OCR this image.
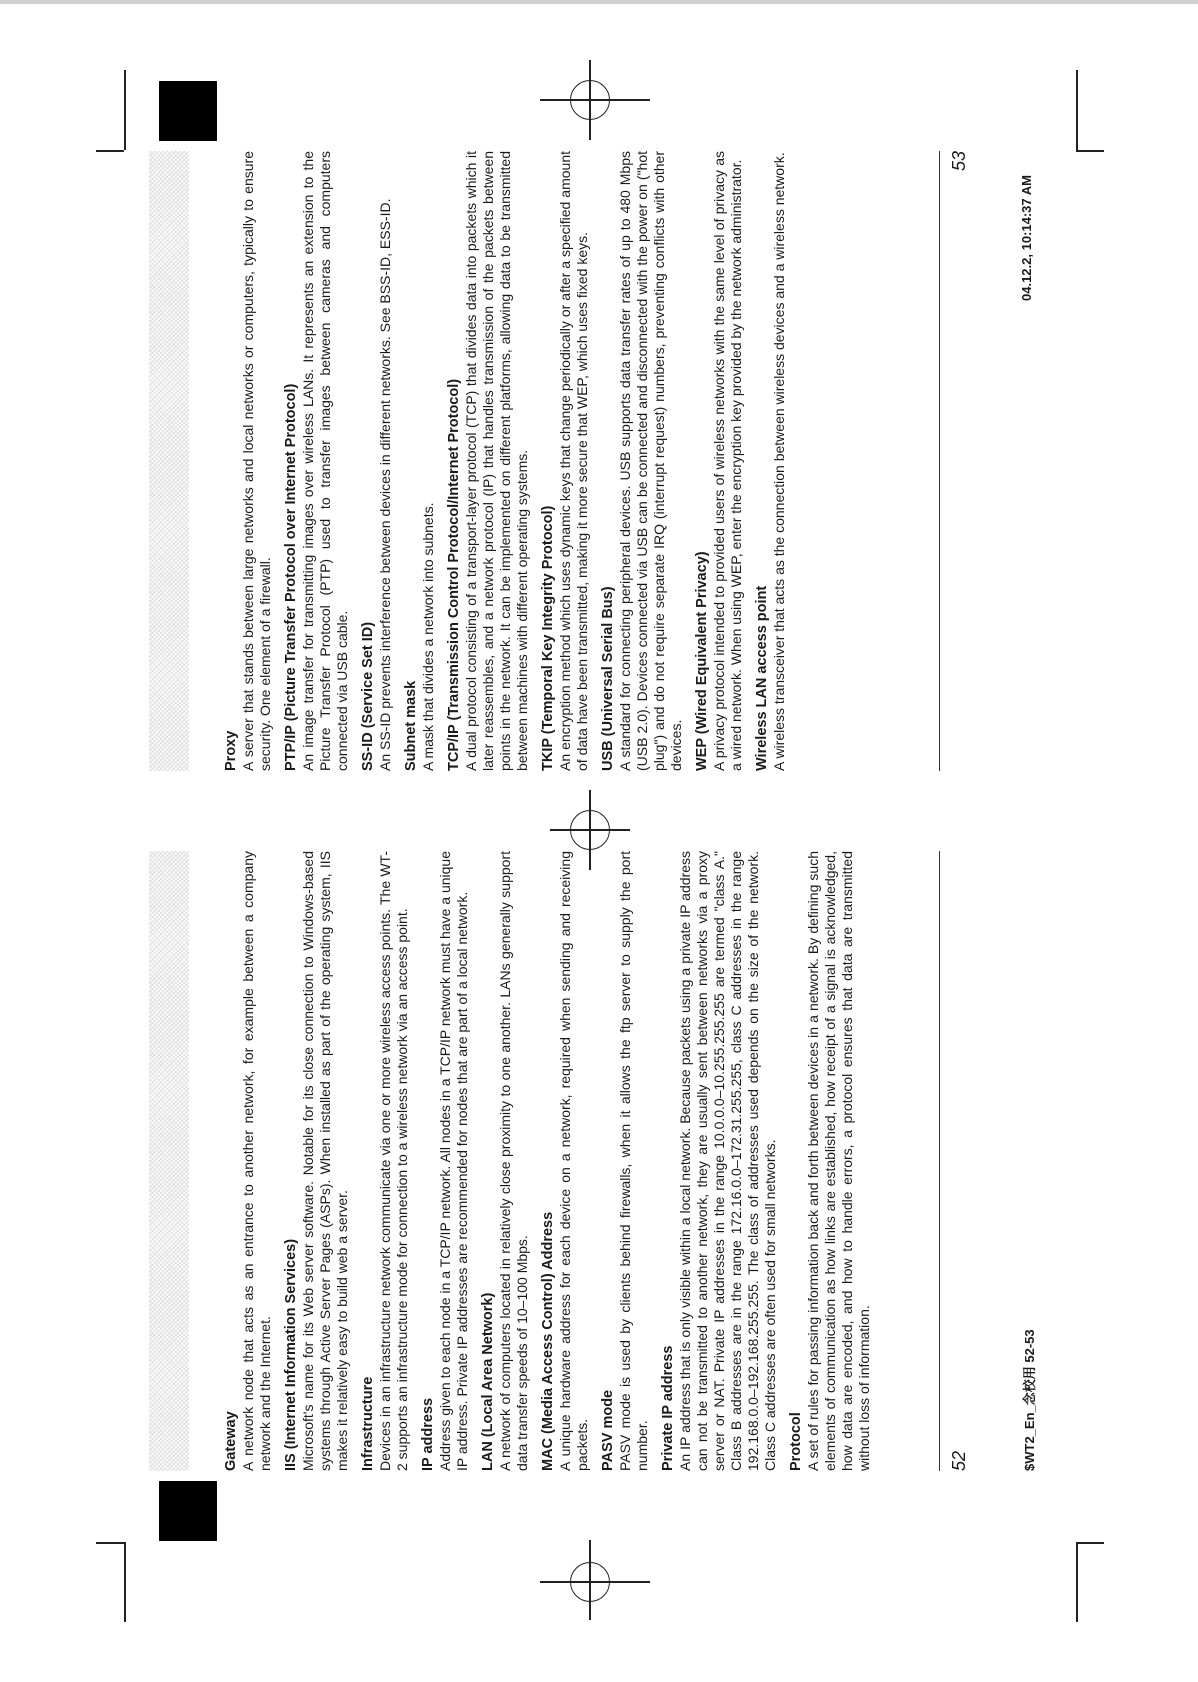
Gateway A network node that acts as an entrance to another network, for example between a company network and the Internet. IIS (Internet Information Services) Microsoft's name for its Web server software. Notable for its close connection to Windows-based systems through Active Server Pages (ASPs). When installed as part of the operating system, IIS makes it relatively easy to build web a server. Infrastructure Devices in an infrastructure network communicate via one or more wireless access points. The WT-2 supports an infrastructure mode for connection to a wireless network via an access point. IP address Address given to each node in a TCP/IP network. All nodes in a TCP/IP network must have a unique IP address. Private IP addresses are recommended for nodes that are part of a local network. LAN (Local Area Network) A network of computers located in relatively close proximity to one another. LANs generally support data transfer speeds of 10–100 Mbps. MAC (Media Access Control) Address A unique hardware address for each device on a network, required when sending and receiving packets. PASV mode PASV mode is used by clients behind firewalls, when it allows the ftp server to supply the port number. Private IP address An IP address that is only visible within a local network. Because packets using a private IP address can not be transmitted to another network, they are usually sent between networks via a proxy server or NAT. Private IP addresses in the range 10.0.0.0–10.255.255.255 are termed "class A." Class B addresses are in the range 172.16.0.0–172.31.255.255, class C addresses in the range 192.168.0.0–192.168.255.255. The class of addresses used depends on the size of the network. Class C addresses are often used for small networks. Protocol A set of rules for passing information back and forth between devices in a network. By defining such elements of communication as how links are established, how receipt of a signal is acknowledged, how data are encoded, and how to handle errors, a protocol ensures that data are transmitted without loss of information.	52	$WT2_En_念校用 52-53

Proxy A server that stands between large networks and local networks or computers, typically to ensure security. One element of a firewall. PTP/IP (Picture Transfer Protocol over Internet Protocol) An image transfer for transmitting images over wireless LANs. It represents an extension to the Picture Transfer Protocol (PTP) used to transfer images between cameras and computers connected via USB cable. SS-ID (Service Set ID) An SS-ID prevents interference between devices in different networks. See BSS-ID, ESS-ID. Subnet mask A mask that divides a network into subnets. TCP/IP (Transmission Control Protocol/Internet Protocol) A dual protocol consisting of a transport-layer protocol (TCP) that divides data into packets which it later reassembles, and a network protocol (IP) that handles transmission of the packets between points in the network. It can be implemented on different platforms, allowing data to be transmitted between machines with different operating systems. TKIP (Temporal Key Integrity Protocol) An encryption method which uses dynamic keys that change periodically or after a specified amount of data have been transmitted, making it more secure that WEP, which uses fixed keys. USB (Universal Serial Bus) A standard for connecting peripheral devices. USB supports data transfer rates of up to 480 Mbps (USB 2.0). Devices connected via USB can be connected and disconnected with the power on ("hot plug") and do not require separate IRQ (interrupt request) numbers, preventing conflicts with other devices. WEP (Wired Equivalent Privacy) A privacy protocol intended to provided users of wireless networks with the same level of privacy as a wired network. When using WEP, enter the encryption key provided by the network administrator. Wireless LAN access point A wireless transceiver that acts as the connection between wireless devices and a wireless network.	53
04.12.2, 10:14:37 AM
